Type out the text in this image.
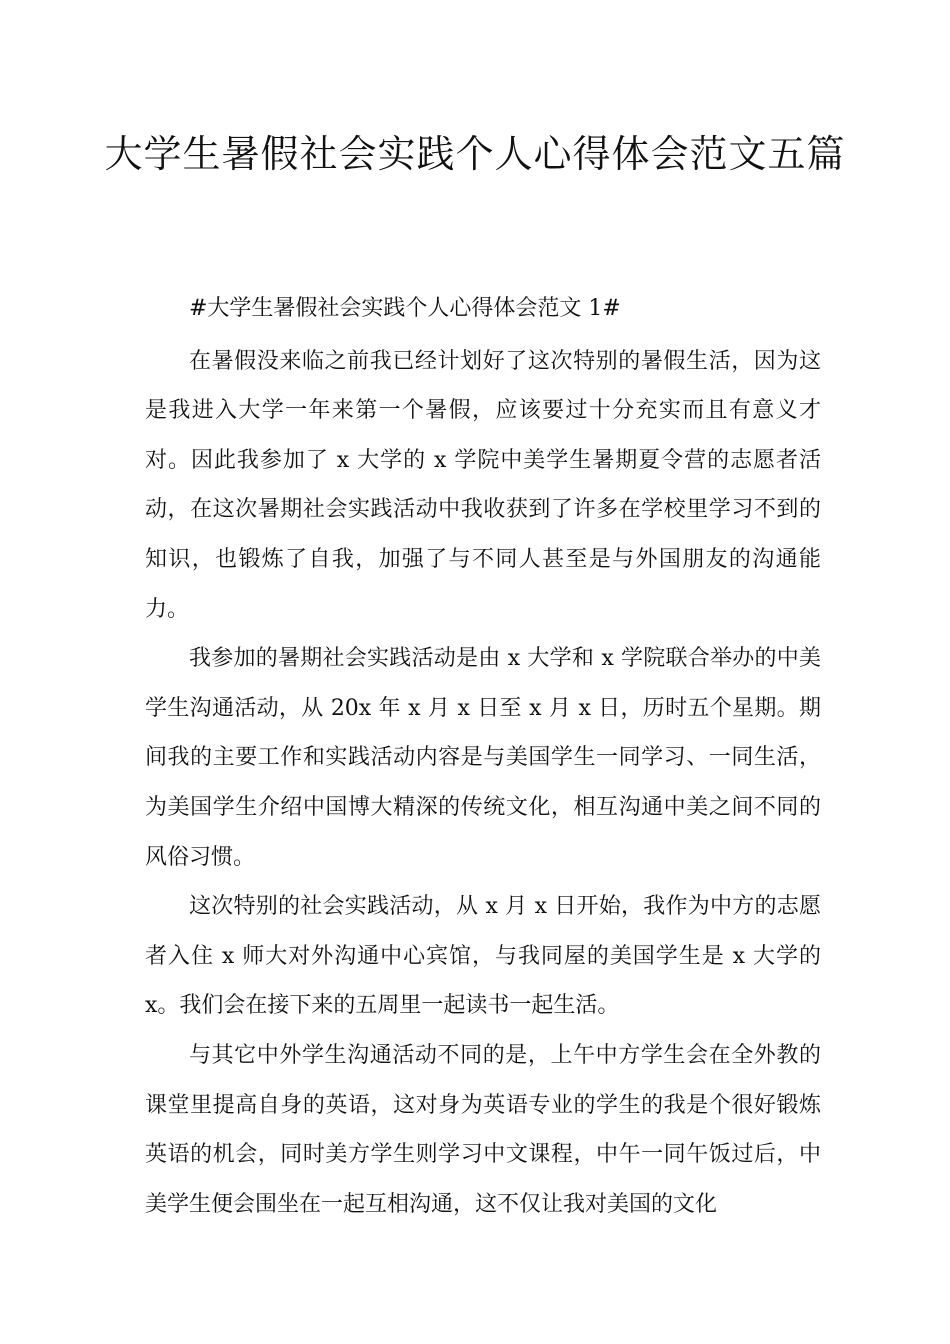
大学生暑假社会实践个人心得体会范文五篇

#大学生暑假社会实践个人心得体会范文 1#

在暑假没来临之前我已经计划好了这次特别的暑假生活，因为这是我进入大学一年来第一个暑假，应该要过十分充实而且有意义才对。因此我参加了 x 大学的 x 学院中美学生暑期夏令营的志愿者活动，在这次暑期社会实践活动中我收获到了许多在学校里学习不到的知识，也锻炼了自我，加强了与不同人甚至是与外国朋友的沟通能力。

我参加的暑期社会实践活动是由 x 大学和 x 学院联合举办的中美学生沟通活动，从 20x 年 x 月 x 日至 x 月 x 日，历时五个星期。期间我的主要工作和实践活动内容是与美国学生一同学习、一同生活，为美国学生介绍中国博大精深的传统文化，相互沟通中美之间不同的风俗习惯。

这次特别的社会实践活动，从 x 月 x 日开始，我作为中方的志愿者入住 x 师大对外沟通中心宾馆，与我同屋的美国学生是 x 大学的 x。我们会在接下来的五周里一起读书一起生活。

与其它中外学生沟通活动不同的是，上午中方学生会在全外教的课堂里提高自身的英语，这对身为英语专业的学生的我是个很好锻炼英语的机会，同时美方学生则学习中文课程，中午一同午饭过后，中美学生便会围坐在一起互相沟通，这不仅让我对美国的文化
